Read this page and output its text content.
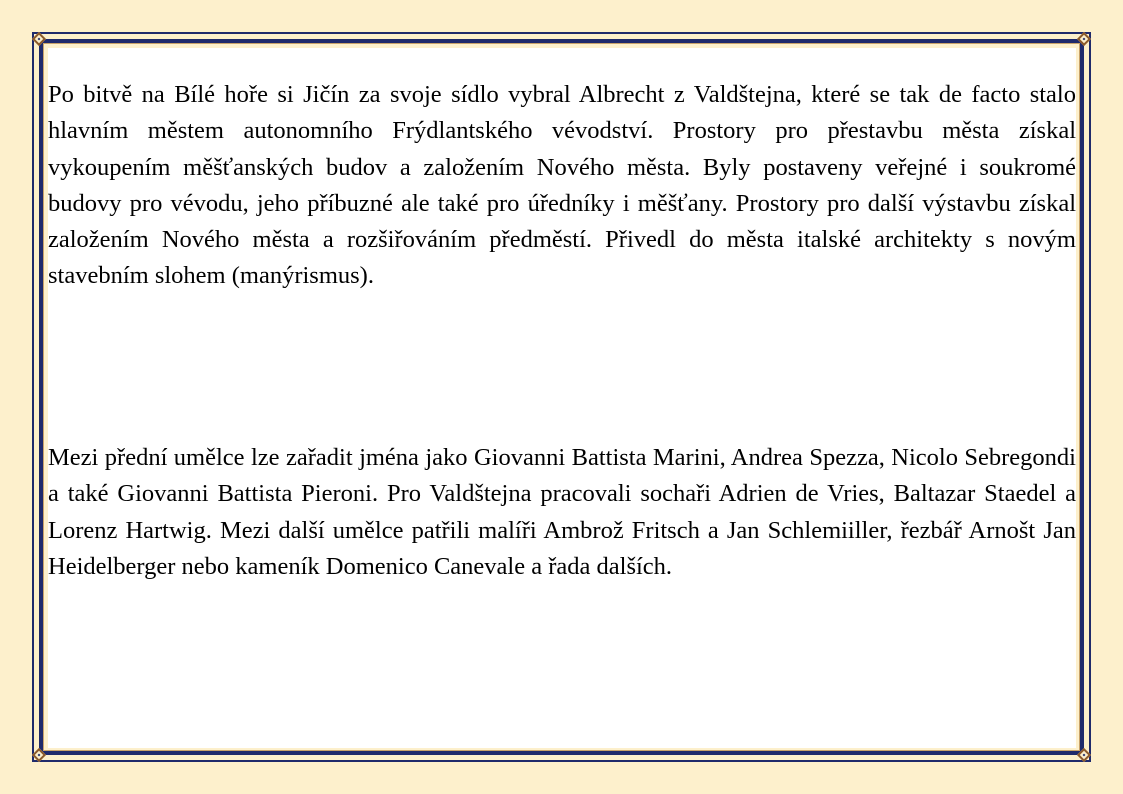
Po bitvě na Bílé hoře si Jičín za svoje sídlo vybral Albrecht z Valdštejna, které se tak de facto stalo hlavním městem autonomního Frýdlantského vévodství. Prostory pro přestavbu města získal vykoupením měšťanských budov a založením Nového města. Byly postaveny veřejné i soukromé budovy pro vévodu, jeho příbuzné ale také pro úředníky i měšťany. Prostory pro další výstavbu získal založením Nového města a rozšiřováním předměstí. Přivedl do města italské architekty s novým stavebním slohem (manýrismus).

Mezi přední umělce lze zařadit jména jako Giovanni Battista Marini, Andrea Spezza, Nicolo Sebregondi a také Giovanni Battista Pieroni. Pro Valdštejna pracovali sochaři Adrien de Vries, Baltazar Staedel a Lorenz Hartwig. Mezi další umělce patřili malíři Ambrož Fritsch a Jan Schlemiiller, řezbář Arnošt Jan Heidelberger nebo kameník Domenico Canevale a řada dalších.
